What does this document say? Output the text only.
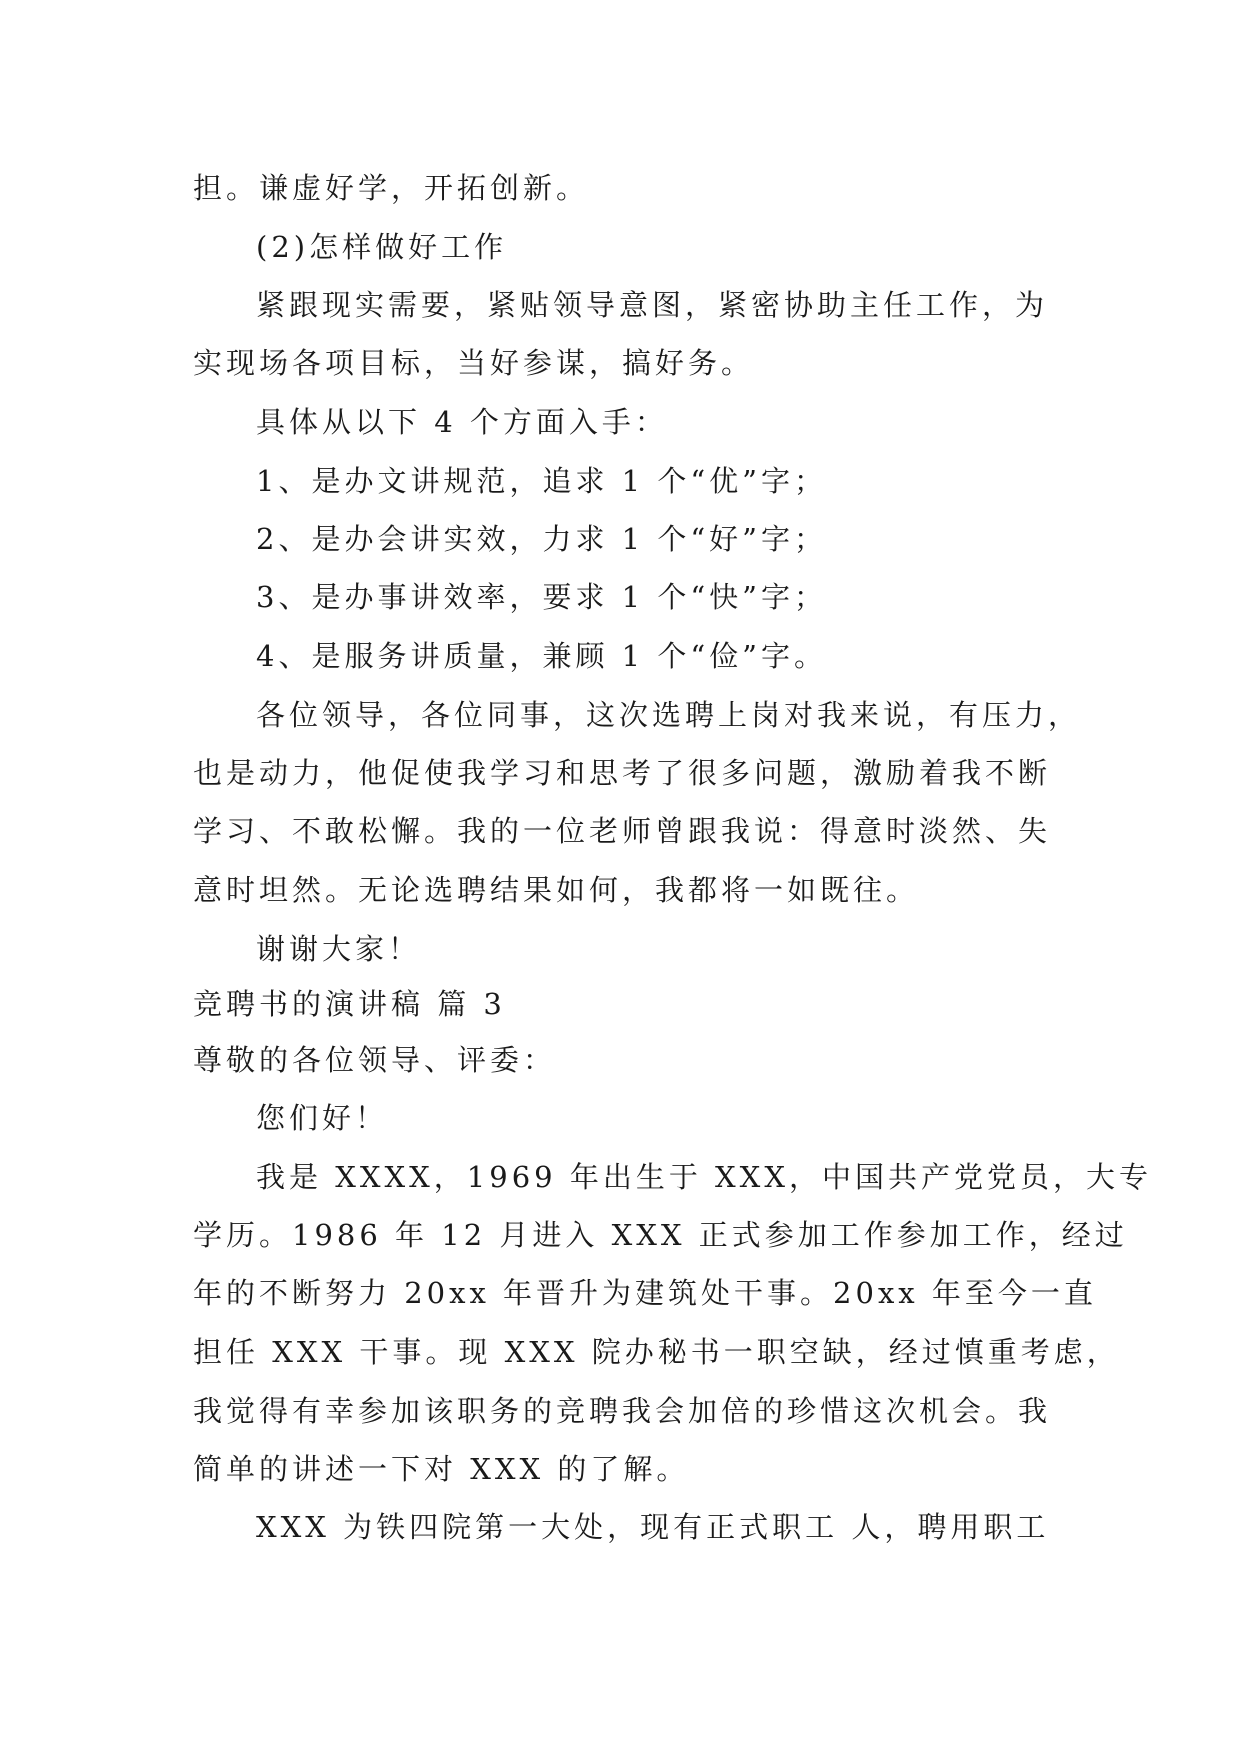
担。谦虚好学，开拓创新。
(2)怎样做好工作
紧跟现实需要，紧贴领导意图，紧密协助主任工作，为
实现场各项目标，当好参谋，搞好务。
具体从以下 4 个方面入手：
1、是办文讲规范，追求 1 个“优”字；
2、是办会讲实效，力求 1 个“好”字；
3、是办事讲效率，要求 1 个“快”字；
4、是服务讲质量，兼顾 1 个“俭”字。
各位领导，各位同事，这次选聘上岗对我来说，有压力，
也是动力，他促使我学习和思考了很多问题，激励着我不断
学习、不敢松懈。我的一位老师曾跟我说：得意时淡然、失
意时坦然。无论选聘结果如何，我都将一如既往。
谢谢大家！
竞聘书的演讲稿 篇 3
尊敬的各位领导、评委：
您们好！
我是 XXXX，1969 年出生于 XXX，中国共产党党员，大专
学历。1986 年 12 月进入 XXX 正式参加工作参加工作，经过
年的不断努力 20xx 年晋升为建筑处干事。20xx 年至今一直
担任 XXX 干事。现 XXX 院办秘书一职空缺，经过慎重考虑，
我觉得有幸参加该职务的竞聘我会加倍的珍惜这次机会。我
简单的讲述一下对 XXX 的了解。
XXX 为铁四院第一大处，现有正式职工 人，聘用职工
